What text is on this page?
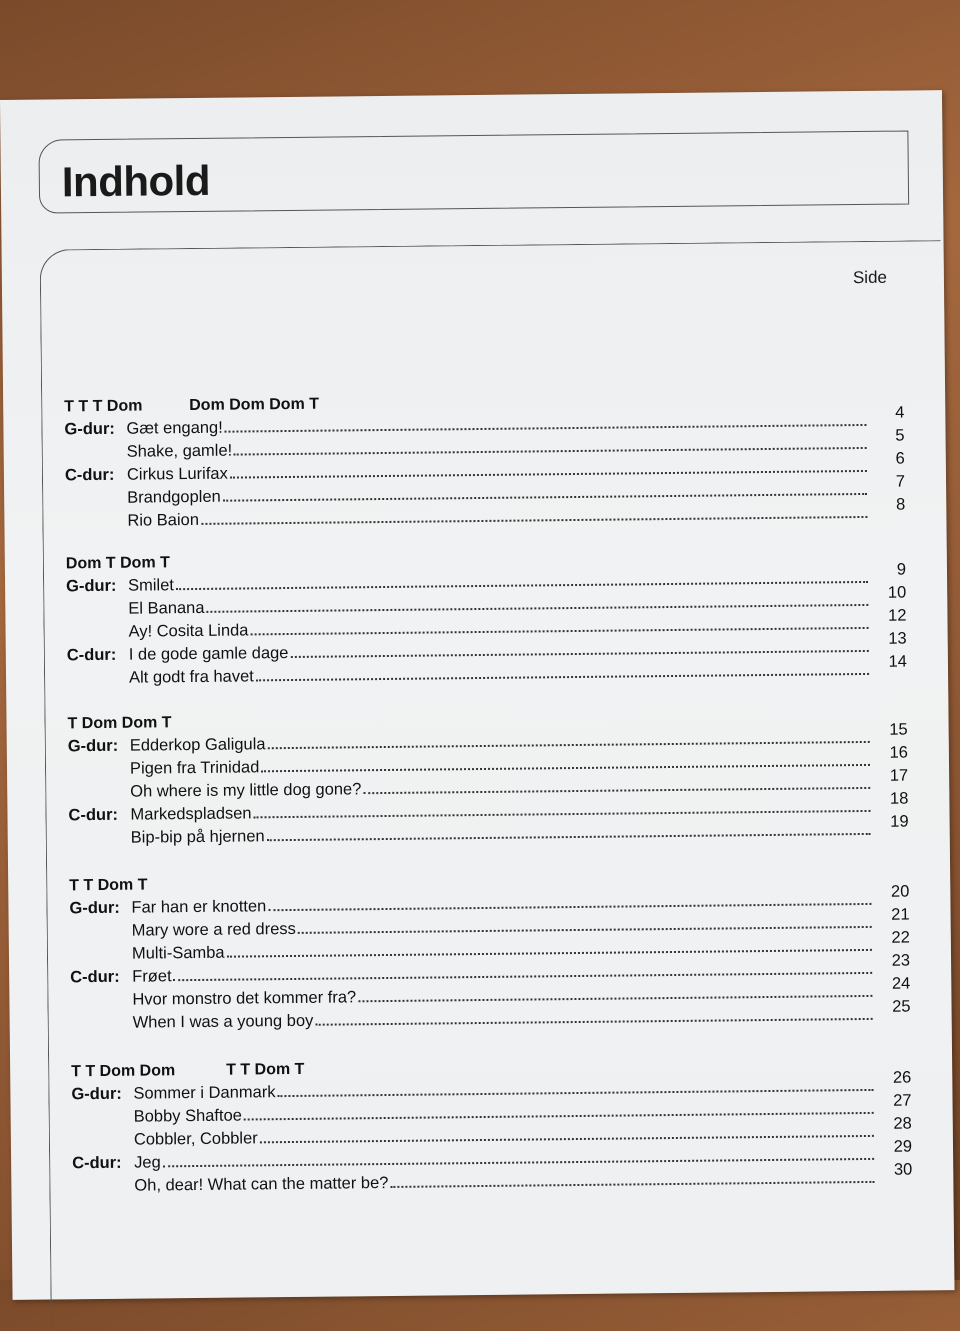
Indhold
Side
T T T Dom	Dom Dom Dom T
G-dur: Gæt engang!
4
Shake, gamle!
5
C-dur: Cirkus Lurifax
6
Brandgoplen
7
Rio Baion
8
Dom T Dom T
G-dur: Smilet
9
El Banana
10
Ay! Cosita Linda
12
C-dur: I de gode gamle dage
13
Alt godt fra havet
14
T Dom Dom T
G-dur: Edderkop Galigula
15
Pigen fra Trinidad
16
Oh where is my little dog gone?
17
C-dur: Markedspladsen
18
Bip-bip på hjernen
19
T T Dom T
G-dur: Far han er knotten
20
Mary wore a red dress
21
Multi-Samba
22
C-dur: Frøet
23
Hvor monstro det kommer fra?
24
When I was a young boy
25
T T Dom Dom	T T Dom T
G-dur: Sommer i Danmark
26
Bobby Shaftoe
27
Cobbler, Cobbler
28
C-dur: Jeg
29
Oh, dear! What can the matter be?
30
